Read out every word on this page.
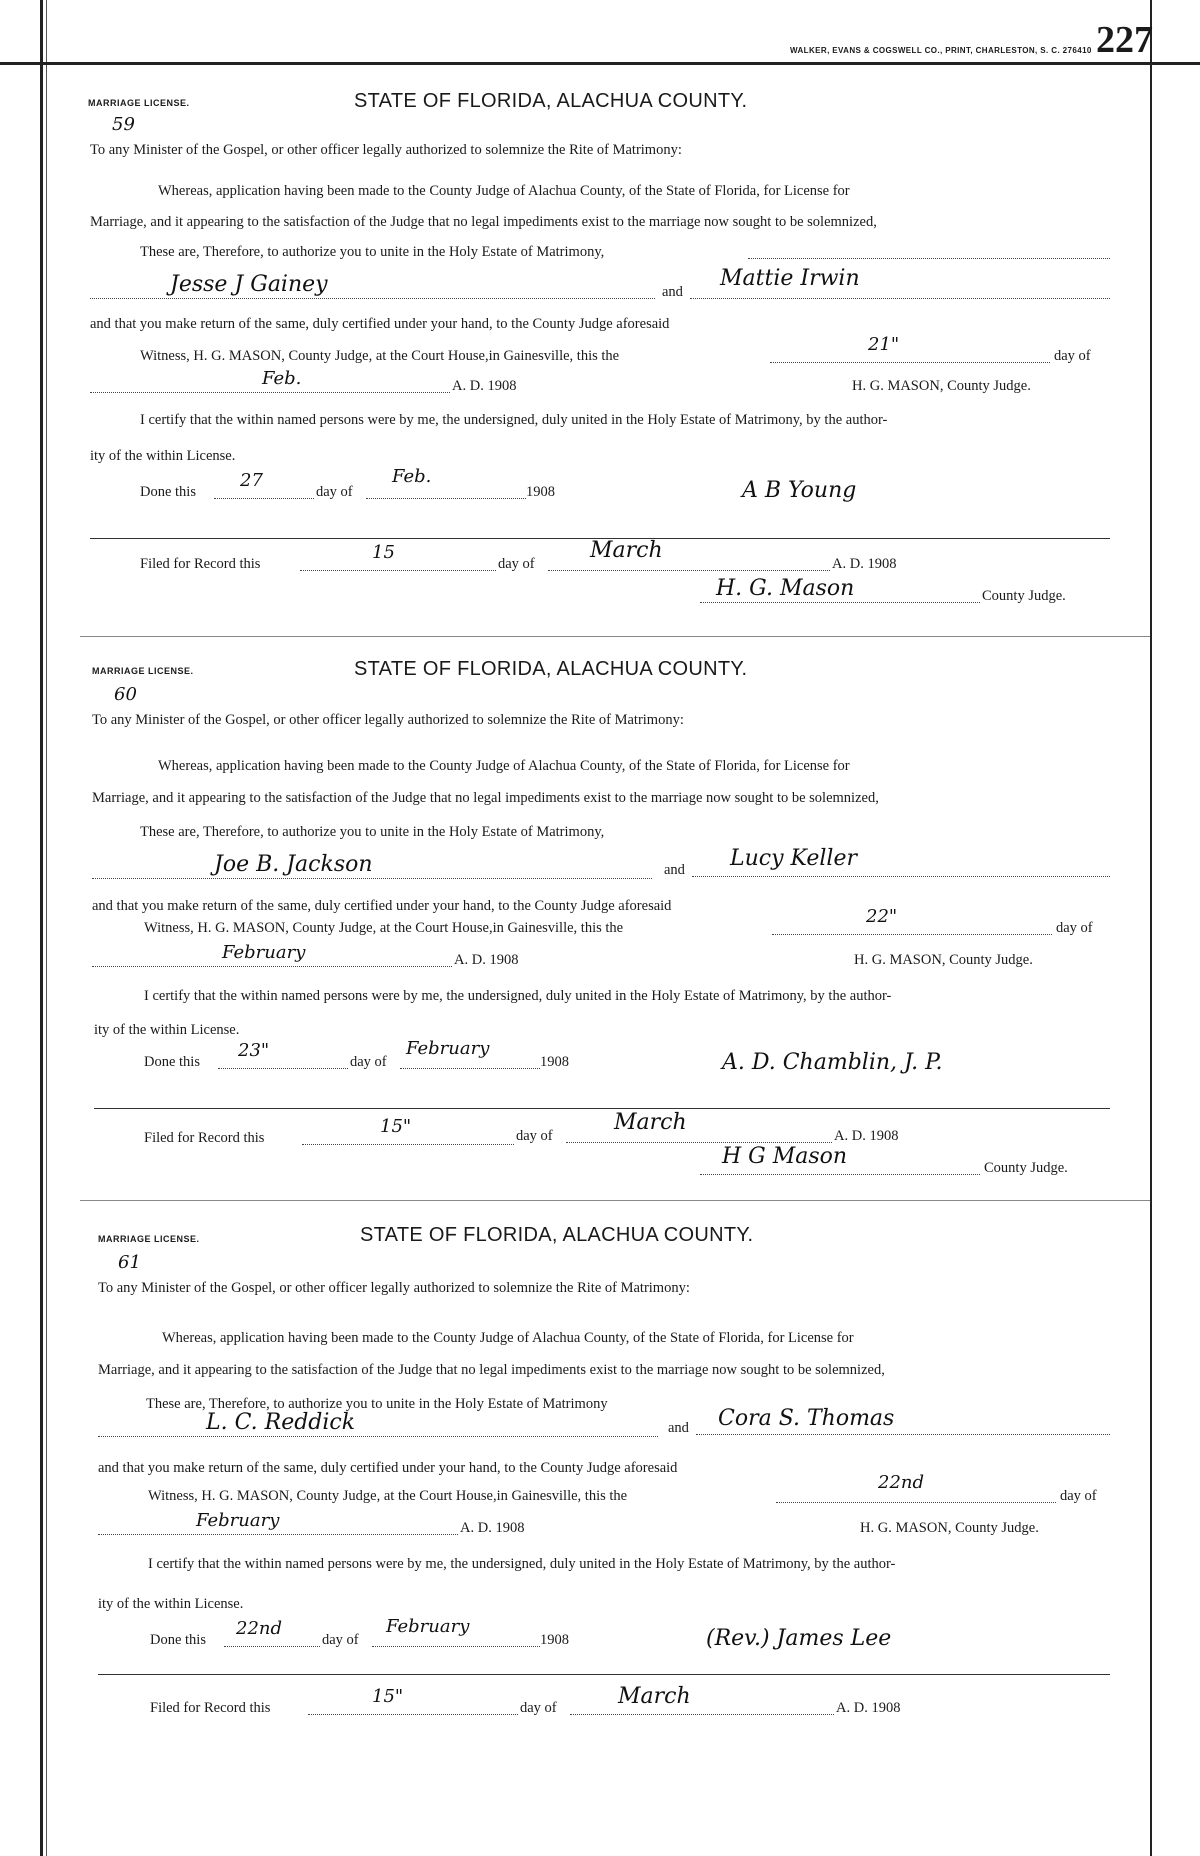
WALKER, EVANS & COGSWELL CO., PRINT, CHARLESTON, S. C. 276410 227
MARRIAGE LICENSE.	STATE OF FLORIDA, ALACHUA COUNTY.
59
To any Minister of the Gospel, or other officer legally authorized to solemnize the Rite of Matrimony:
Whereas, application having been made to the County Judge of Alachua County, of the State of Florida, for License for
Marriage, and it appearing to the satisfaction of the Judge that no legal impediments exist to the marriage now sought to be solemnized,
These are, Therefore, to authorize you to unite in the Holy Estate of Matrimony,
Jesse J Gainey	and
Mattie Irwin
and that you make return of the same, duly certified under your hand, to the County Judge aforesaid
Witness, H. G. MASON, County Judge, at the Court House,in Gainesville, this the
21"
day of
Feb.	A. D. 1908	H. G. MASON, County Judge.
I certify that the within named persons were by me, the undersigned, duly united in the Holy Estate of Matrimony, by the author-
ity of the within License.
Done this
27
day of
Feb.
1908	A B Young
Filed for Record this
15
day of
March
A. D. 1908
H. G. Mason	County Judge.
MARRIAGE LICENSE.	STATE OF FLORIDA, ALACHUA COUNTY.
60
To any Minister of the Gospel, or other officer legally authorized to solemnize the Rite of Matrimony:
Whereas, application having been made to the County Judge of Alachua County, of the State of Florida, for License for
Marriage, and it appearing to the satisfaction of the Judge that no legal impediments exist to the marriage now sought to be solemnized,
These are, Therefore, to authorize you to unite in the Holy Estate of Matrimony,
Joe B. Jackson	and Lucy Keller
and that you make return of the same, duly certified under your hand, to the County Judge aforesaid
Witness, H. G. MASON, County Judge, at the Court House,in Gainesville, this the
22"
day of
February	A. D. 1908	H. G. MASON, County Judge.
I certify that the within named persons were by me, the undersigned, duly united in the Holy Estate of Matrimony, by the author-
ity of the within License.
Done this
23"
day of
February
1908	A. D. Chamblin, J. P.
Filed for Record this
15"	day of
March
A. D. 1908
H G Mason	County Judge.
MARRIAGE LICENSE.	STATE OF FLORIDA, ALACHUA COUNTY.
61
To any Minister of the Gospel, or other officer legally authorized to solemnize the Rite of Matrimony:
Whereas, application having been made to the County Judge of Alachua County, of the State of Florida, for License for
Marriage, and it appearing to the satisfaction of the Judge that no legal impediments exist to the marriage now sought to be solemnized,
These are, Therefore, to authorize you to unite in the Holy Estate of Matrimony
L. C. Reddick	and Cora S. Thomas
and that you make return of the same, duly certified under your hand, to the County Judge aforesaid
Witness, H. G. MASON, County Judge, at the Court House,in Gainesville, this the
22nd
day of
February	A. D. 1908	H. G. MASON, County Judge.
I certify that the within named persons were by me, the undersigned, duly united in the Holy Estate of Matrimony, by the author-
ity of the within License.
Done this
22nd
day of
February
1908	(Rev.) James Lee
Filed for Record this
15"
day of	March	A. D. 1908
